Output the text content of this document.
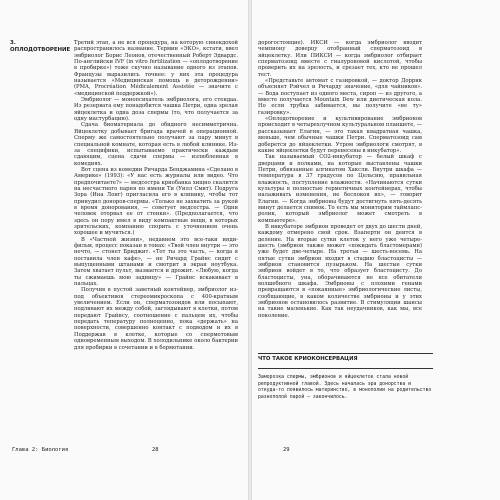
3.
ОПЛОДОТВОРЕНИЕ

Третий этап, а не вся процедура, на которую синекдохой распространилось название. Термин «ЭКО», кстати, ввел эмбриолог Борис Леонов, отечественный Роберт Эдвардс. По-английски IVF (in vitro fertilization — «оплодотворение в пробирке») тоже скучно называние одного из этапов. Французы выразились точнее: у них эта процедура называется «Медицинская помощь в деторождении» (PMA, Procréation Médicalement Assistée — значите с «медицинской поддержкой»).

Эмбриолог — монопсихатель эмбриолога, его стендаа. Из резервата ему понадобится чашка Петри, одна зрелая яйцеклетка и одна доза спермы (то, что получается за одну мастурбацию).

Сдача биоматериала до обидного несимметрична. Яйцеклетку добывает бригада врачей в операционной. Сперму же самостоятельно получают за пару минут в специальной комнате, которая есть в любой клинике. Из-за специфики, испытываемо практически каждым сдающим, сцена сдачи спермы — излюбленная в комедиях.

Вот сцена из комедии Ричарда Бенджамина «Сделано в Америке» (1993): «У нас есть журналы или видео. Что предпочитаете?» — медсестра криобанка хищно скалится на несчастного парня по имени Ти (Уилл Смит). Подруга Зора (Ина Лонг) пригласила его в клинику, чтобы тот принудил доноров-спермы. «Только не захватить за рукой в время донорования, — советует медсестра. — Одни человек оторвал ее от стенки». (Предполагается, что здесь он пору имел в виду компактные вещи, в которых зрительских, компанию спорить с уточнением очень хорошее и мучиться.)

В «Частной жизни», недавнем это все-таки инди-фильм, процесс показан в тонах: «Твой член внутри — это нечто, — стонет Бриджит. «Тот ты это часть, — когда я поставила член кафе», — не Ричард Грайнс сидит с выпущенными штанами и смотрит в экран ноутбука. Затем хватает пульт, вызвается и дрожит. «Любую, когда ты сжимаешь мою задницу» — Грайнс вскакивает в пальцах.

Получив в пустой заветный контейнер, эмбриолог из-под объективов стереомикроскопа с 400-кратным увеличением. Если он, сперматозоидов или посыпают, подливают их между собой, заглядывают в клетки, потом передают Грайнсу, соотношение с пальцем их, чтобы передать тепературу полноценно, пока «держать» на поверхности, совершенно контакт с подводом и их в Поддержав в клетке, которые со спермотовым одновременным выходом. В холодильнике около бактерии для пробирки в сочетании и в бормотании.

дорогостоящие). ИКСИ — когда эмбриолог вводит чемпиону доверцу отобранный сперматозоид в яйцеклетку. Или ПИКСИ — когда эмбриолог отбирает сперматозоид вместе с гиалуроновой кислотой, чтобы проверить их на зрелость, и срезает тех, кто не прошел тест.

«Представьте автомат с газировкой, — доктор Доррик объясняет Рэйчел и Ричарду значение, «для чайников». — Вода поступает из одного места, сироп — из другого, а вместе получается Mountain Dew или диетическая кола. Но если трубка забивается, вы получите «не ту» газировку».

«Оплодотворение и культивирование эмбрионов происходит в четырехлучном культуральном планшете, — рассказывает Елагин, — это такая квадратная чашка, меньше, чем обычные чашки Петри. Сперматозоид сам доберется до яйцеклетки. Утром эмбриологи смотрят, в какие яйцеклетки будут перенесены в инкубатор».

Так называемый СО2-инкубатор — белый шкаф с дверцами и полками, на которые выставлены чашки Петри, обвязанные алгинатом Хаксли. Внутри шкафа — температура в 37 градусов по Цельсию, правильная влажность, поступление влажности. «Начинаются сутки культуры в полностью герметичных контейнерах, чтобы налаживать изменения, не беспокоя их», — говорит Елагин. — Когда эмбрионы будут достигнуть пять-десять минут делается снимок. То есть мы мониторим таймлапс-ролик, который эмбриолог может смотреть в компьютере».

В инкубаторе эмбрион проведет от двух до шести дней, каждому отмерено свой срок. Взаперти он деится в деление. На вторые сутки клеток у него уже четыре-шесть (эмбрион также может «покидать бластомерами) уже будет две-четыре. На третьи — шесть-восемь. На пятые сутки эмбрион входит в стадию бластоцисты — эмбрион становится пузырьком. На шестые сутки эмбрион войдет в то, что образует бластоцисту. До бластоцисты, уна, оборачиваются не все обитатели волшебного шкафа. Эмбрионы с плохими генами превращаются в «покаянные» эмбриологические листы, сообщающие, в каком количестве эмбрионы и у этих эмбрионов остановилось развитие. В стимуляции шансы на такие маленькие. Как так неудачников, как мы, все поколение.

ЧТО ТАКОЕ КРИОКОНСЕРВАЦИЯ
Заморозка спермы, эмбрионов и яйцеклеток стала новой репродуктивной главой. Здесь началась эра донорства и откуда-то появилось материнство, в монополии на родительство разнополой парой — закончилось.
Глава 2: Биология	28	29
